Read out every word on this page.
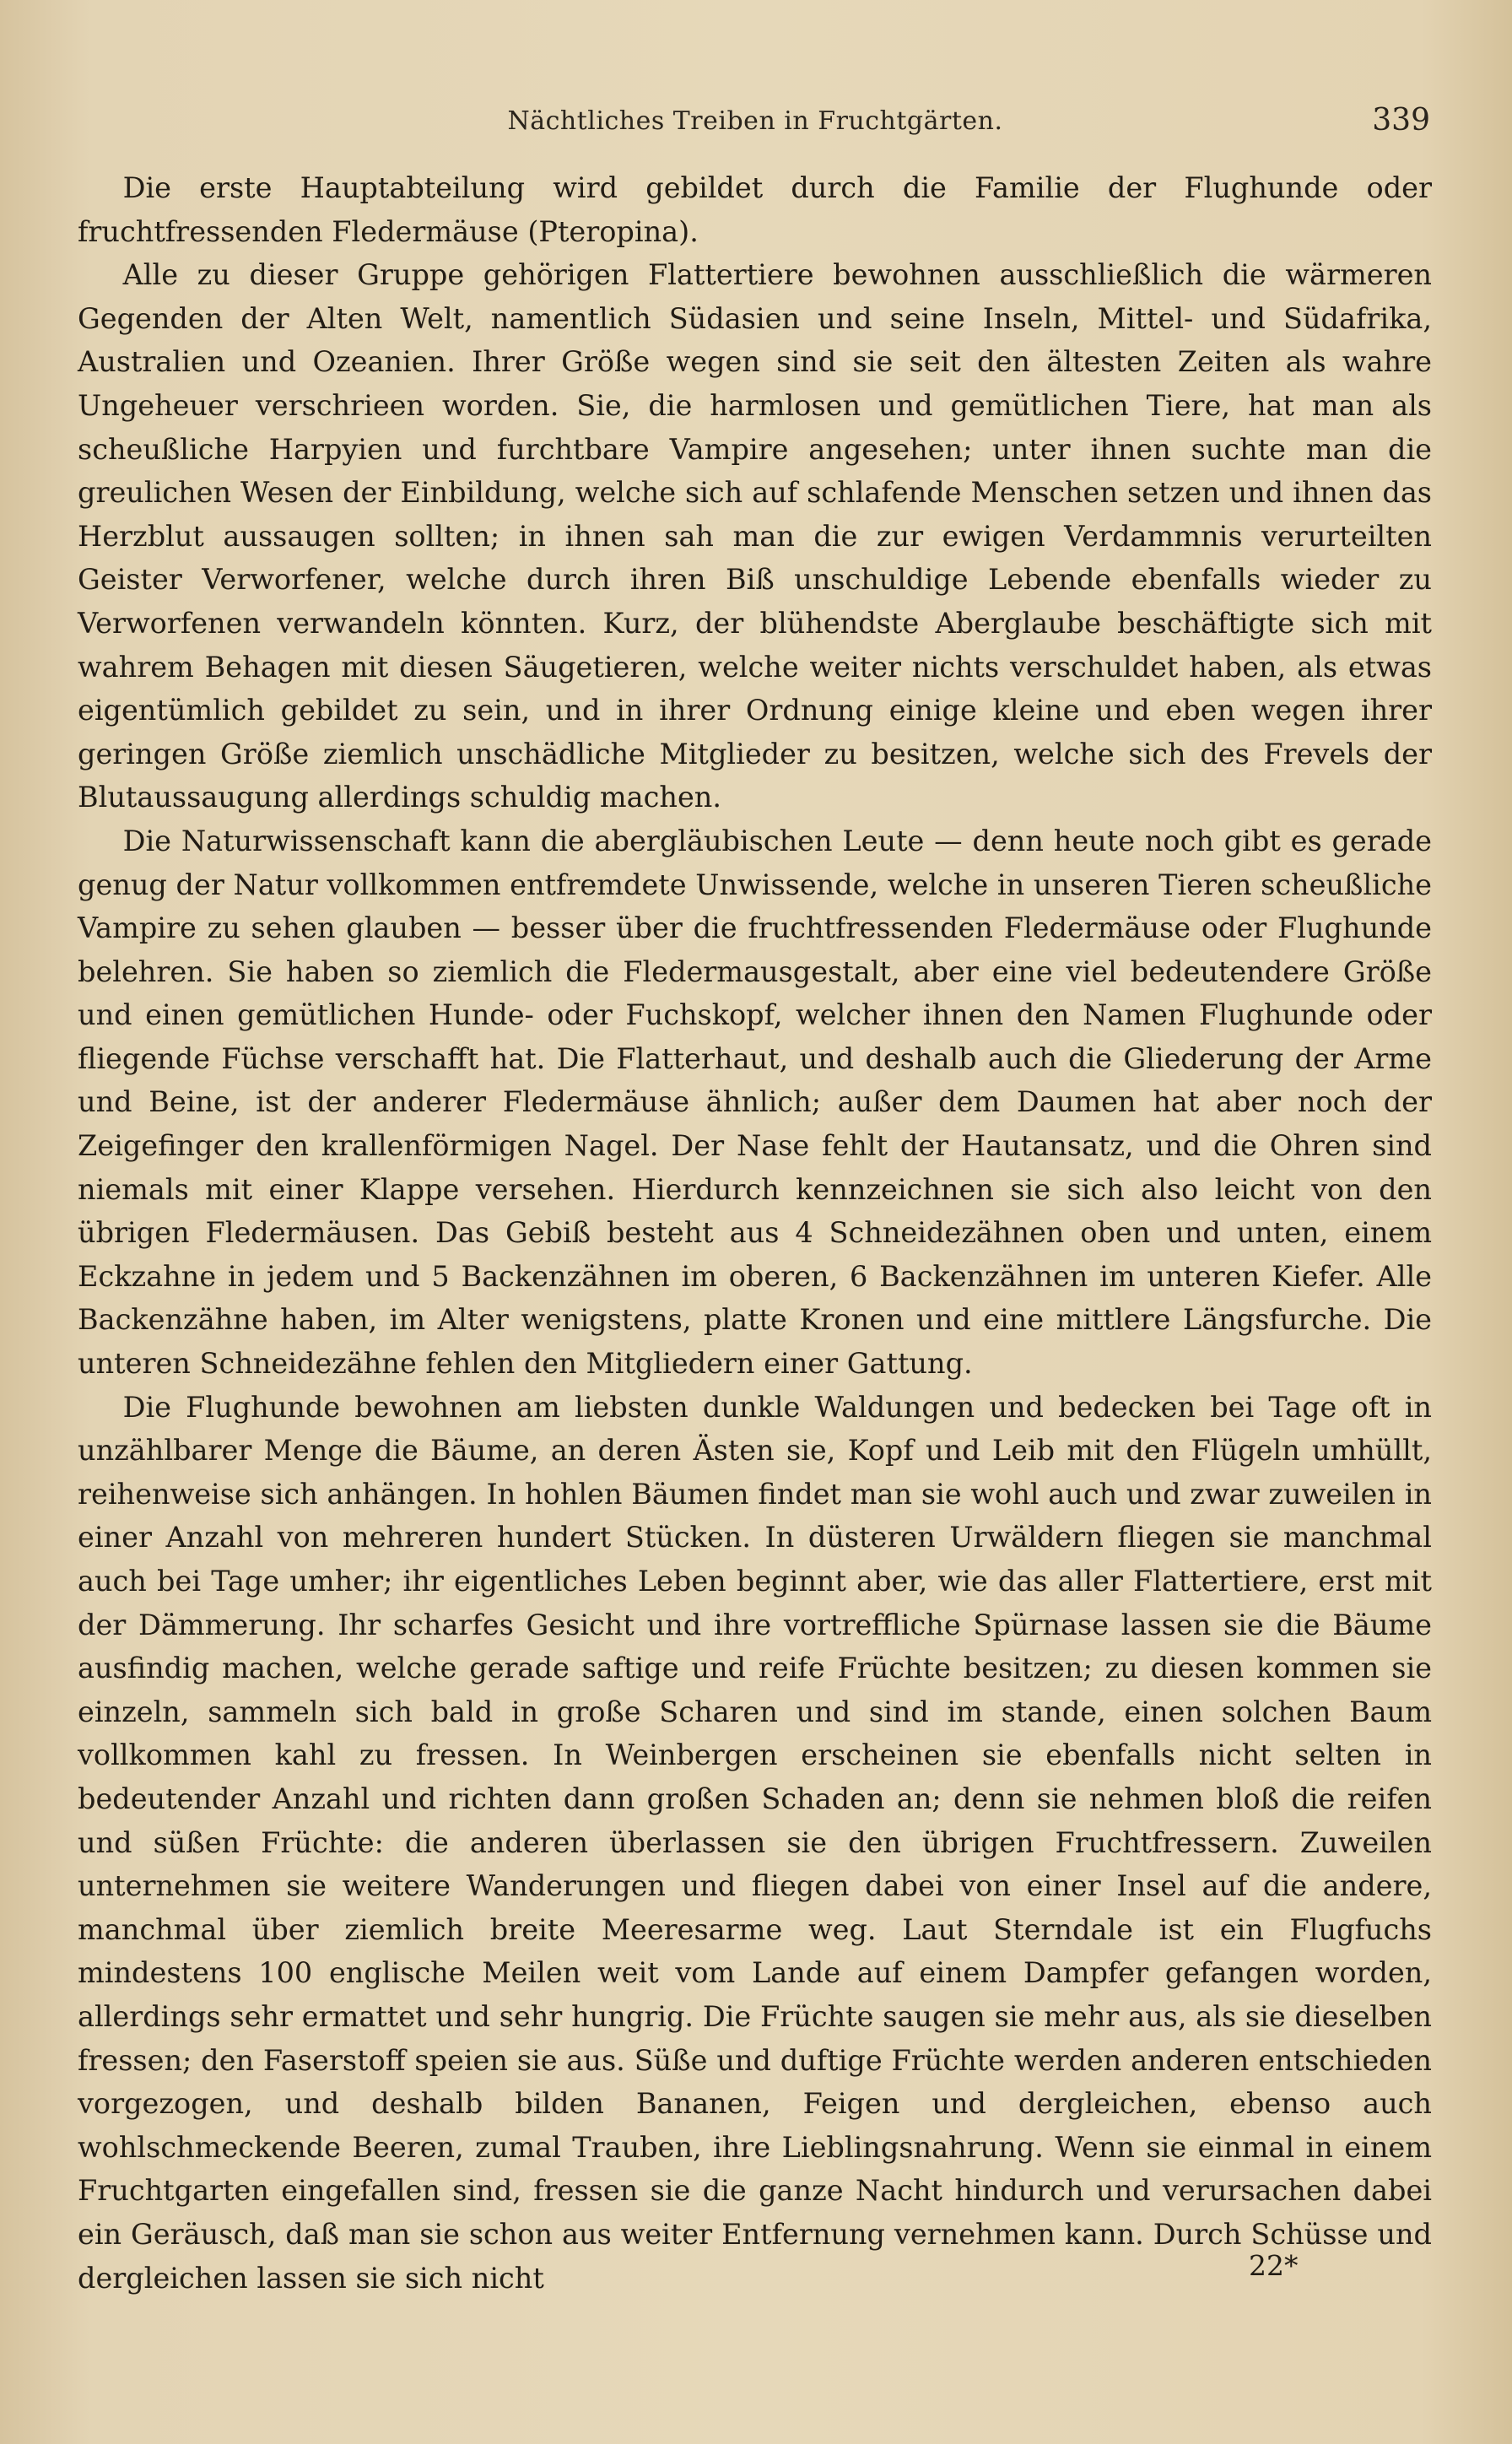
Nächtliches Treiben in Fruchtgärten.	339

Die erste Hauptabteilung wird gebildet durch die Familie der Flughunde oder fruchtfressenden Fledermäuse (Pteropina).

Alle zu dieser Gruppe gehörigen Flattertiere bewohnen ausschließlich die wärmeren Gegenden der Alten Welt, namentlich Südasien und seine Inseln, Mittel- und Südafrika, Australien und Ozeanien. Ihrer Größe wegen sind sie seit den ältesten Zeiten als wahre Ungeheuer verschrieen worden. Sie, die harmlosen und gemütlichen Tiere, hat man als scheußliche Harpyien und furchtbare Vampire angesehen; unter ihnen suchte man die greulichen Wesen der Einbildung, welche sich auf schlafende Menschen setzen und ihnen das Herzblut aussaugen sollten; in ihnen sah man die zur ewigen Verdammnis verurteilten Geister Verworfener, welche durch ihren Biß unschuldige Lebende ebenfalls wieder zu Verworfenen verwandeln könnten. Kurz, der blühendste Aberglaube beschäftigte sich mit wahrem Behagen mit diesen Säugetieren, welche weiter nichts verschuldet haben, als etwas eigentümlich gebildet zu sein, und in ihrer Ordnung einige kleine und eben wegen ihrer geringen Größe ziemlich unschädliche Mitglieder zu besitzen, welche sich des Frevels der Blutaussaugung allerdings schuldig machen.

Die Naturwissenschaft kann die abergläubischen Leute — denn heute noch gibt es gerade genug der Natur vollkommen entfremdete Unwissende, welche in unseren Tieren scheußliche Vampire zu sehen glauben — besser über die fruchtfressenden Fledermäuse oder Flughunde belehren. Sie haben so ziemlich die Fledermausgestalt, aber eine viel bedeutendere Größe und einen gemütlichen Hunde- oder Fuchskopf, welcher ihnen den Namen Flughunde oder fliegende Füchse verschafft hat. Die Flatterhaut, und deshalb auch die Gliederung der Arme und Beine, ist der anderer Fledermäuse ähnlich; außer dem Daumen hat aber noch der Zeigefinger den krallenförmigen Nagel. Der Nase fehlt der Hautansatz, und die Ohren sind niemals mit einer Klappe versehen. Hierdurch kennzeichnen sie sich also leicht von den übrigen Fledermäusen. Das Gebiß besteht aus 4 Schneidezähnen oben und unten, einem Eckzahne in jedem und 5 Backenzähnen im oberen, 6 Backenzähnen im unteren Kiefer. Alle Backenzähne haben, im Alter wenigstens, platte Kronen und eine mittlere Längsfurche. Die unteren Schneidezähne fehlen den Mitgliedern einer Gattung.

Die Flughunde bewohnen am liebsten dunkle Waldungen und bedecken bei Tage oft in unzählbarer Menge die Bäume, an deren Ästen sie, Kopf und Leib mit den Flügeln umhüllt, reihenweise sich anhängen. In hohlen Bäumen findet man sie wohl auch und zwar zuweilen in einer Anzahl von mehreren hundert Stücken. In düsteren Urwäldern fliegen sie manchmal auch bei Tage umher; ihr eigentliches Leben beginnt aber, wie das aller Flattertiere, erst mit der Dämmerung. Ihr scharfes Gesicht und ihre vortreffliche Spürnase lassen sie die Bäume ausfindig machen, welche gerade saftige und reife Früchte besitzen; zu diesen kommen sie einzeln, sammeln sich bald in große Scharen und sind im stande, einen solchen Baum vollkommen kahl zu fressen. In Weinbergen erscheinen sie ebenfalls nicht selten in bedeutender Anzahl und richten dann großen Schaden an; denn sie nehmen bloß die reifen und süßen Früchte: die anderen überlassen sie den übrigen Fruchtfressern. Zuweilen unternehmen sie weitere Wanderungen und fliegen dabei von einer Insel auf die andere, manchmal über ziemlich breite Meeresarme weg. Laut Sterndale ist ein Flugfuchs mindestens 100 englische Meilen weit vom Lande auf einem Dampfer gefangen worden, allerdings sehr ermattet und sehr hungrig. Die Früchte saugen sie mehr aus, als sie dieselben fressen; den Faserstoff speien sie aus. Süße und duftige Früchte werden anderen entschieden vorgezogen, und deshalb bilden Bananen, Feigen und dergleichen, ebenso auch wohlschmeckende Beeren, zumal Trauben, ihre Lieblingsnahrung. Wenn sie einmal in einem Fruchtgarten eingefallen sind, fressen sie die ganze Nacht hindurch und verursachen dabei ein Geräusch, daß man sie schon aus weiter Entfernung vernehmen kann. Durch Schüsse und dergleichen lassen sie sich nicht	22*
